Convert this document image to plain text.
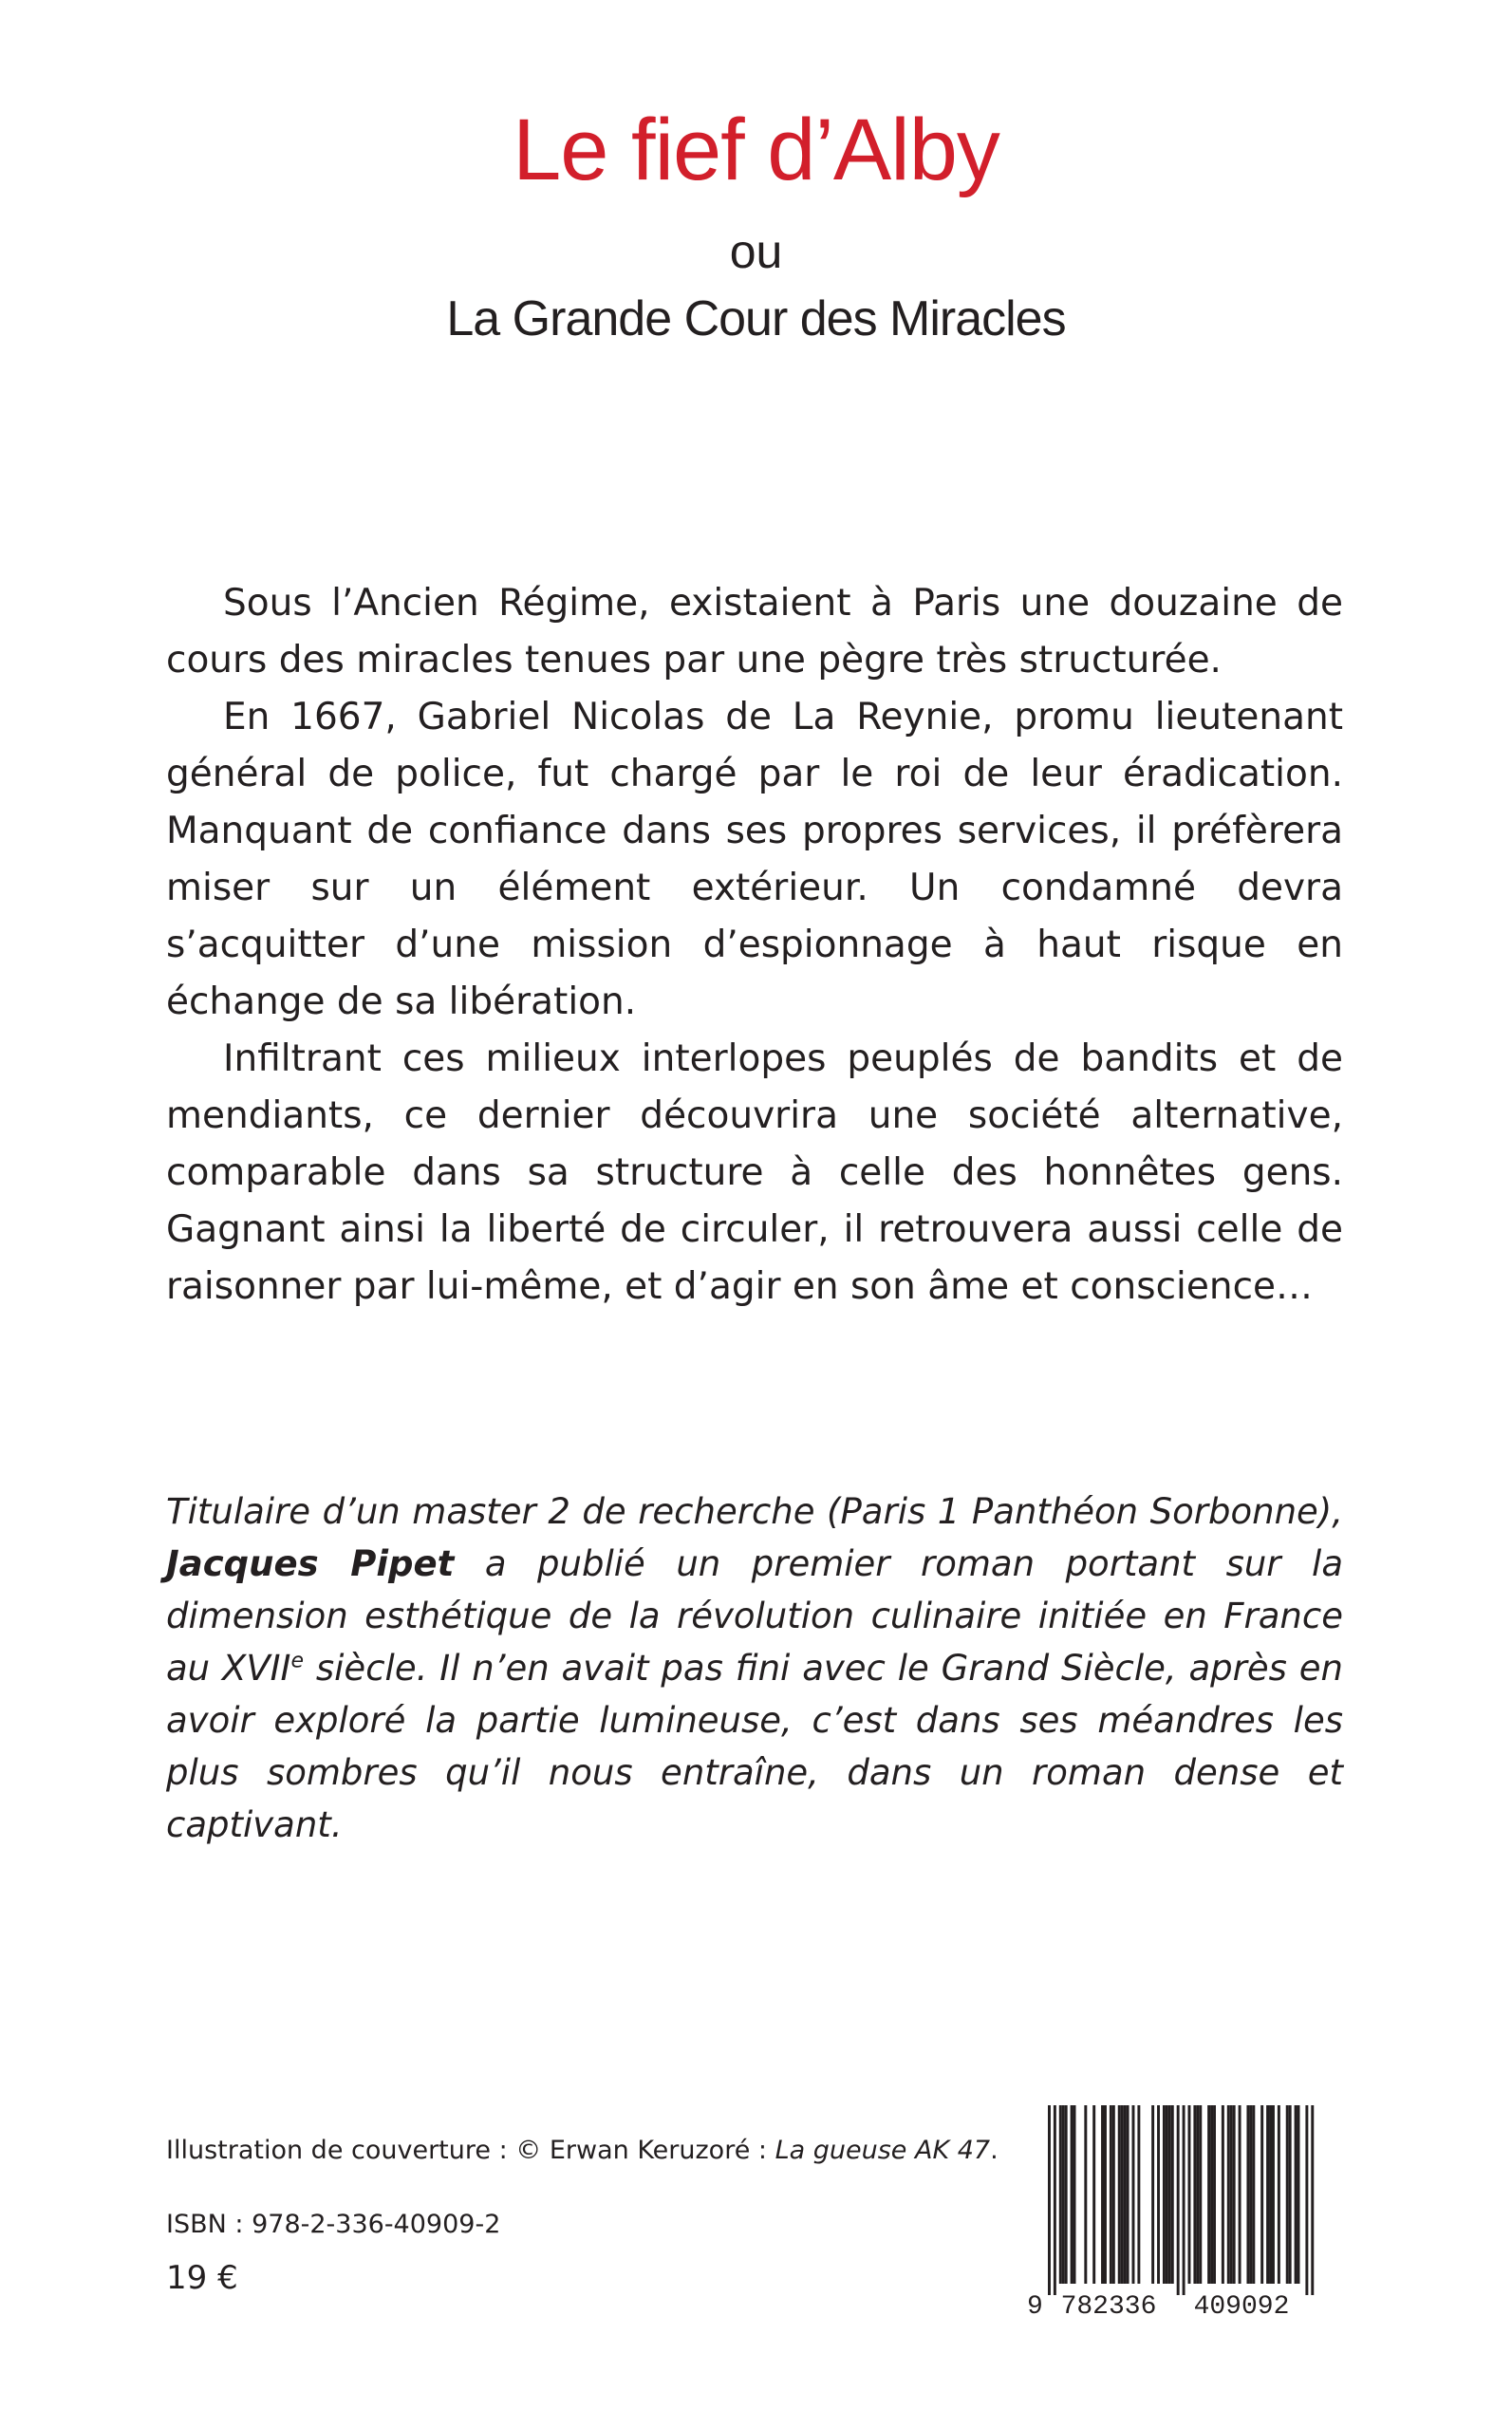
Le fief d’Alby
ou
La Grande Cour des Miracles

Sous l’Ancien Régime, existaient à Paris une douzaine de cours des miracles tenues par une pègre très structurée.

En 1667, Gabriel Nicolas de La Reynie, promu lieutenant général de police, fut chargé par le roi de leur éradication. Manquant de confiance dans ses propres services, il préfèrera miser sur un élément extérieur. Un condamné devra s’acquitter d’une mission d’espionnage à haut risque en échange de sa libération.

Infiltrant ces milieux interlopes peuplés de bandits et de mendiants, ce dernier découvrira une société alternative, comparable dans sa structure à celle des honnêtes gens. Gagnant ainsi la liberté de circuler, il retrouvera aussi celle de raisonner par lui-même, et d’agir en son âme et conscience…

Titulaire d’un master 2 de recherche (Paris 1 Panthéon Sorbonne), Jacques Pipet a publié un premier roman portant sur la dimension esthétique de la révolution culinaire initiée en France au XVIIe siècle. Il n’en avait pas fini avec le Grand Siècle, après en avoir exploré la partie lumineuse, c’est dans ses méandres les plus sombres qu’il nous entraîne, dans un roman dense et captivant.

Illustration de couverture : © Erwan Keruzoré : La gueuse AK 47.
ISBN : 978-2-336-40909-2
19 €
9 782336 409092
